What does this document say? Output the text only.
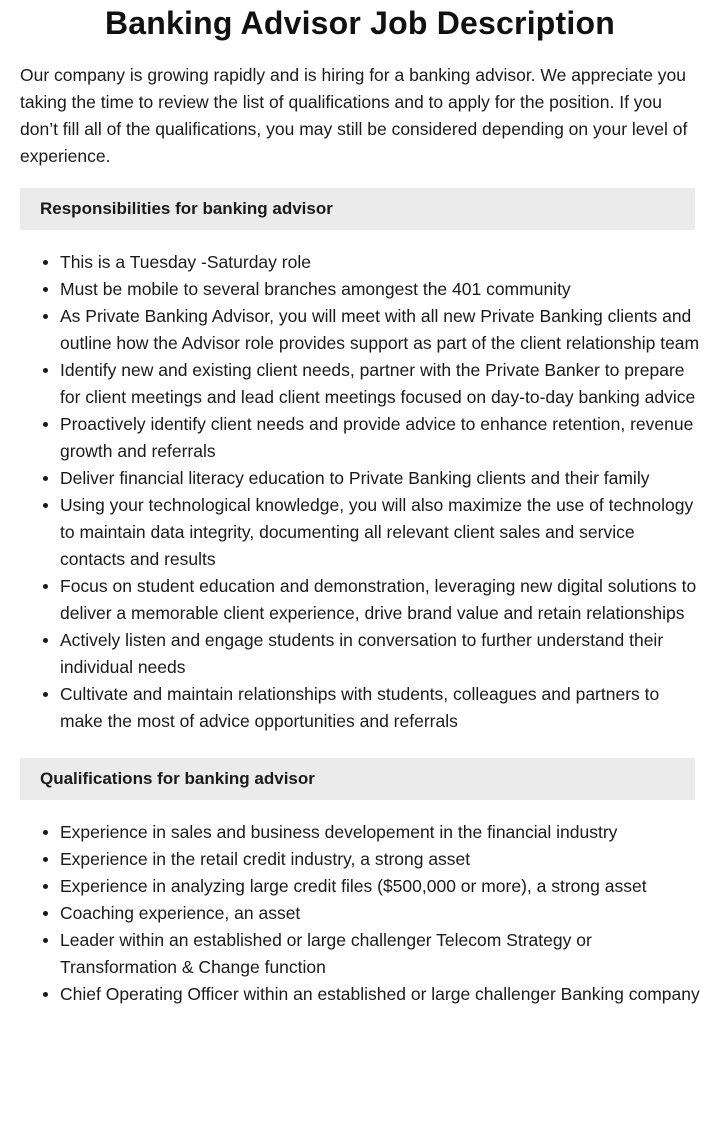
Banking Advisor Job Description

Our company is growing rapidly and is hiring for a banking advisor. We appreciate you taking the time to review the list of qualifications and to apply for the position. If you don’t fill all of the qualifications, you may still be considered depending on your level of experience.

Responsibilities for banking advisor
This is a Tuesday -Saturday role
Must be mobile to several branches amongest the 401 community
As Private Banking Advisor, you will meet with all new Private Banking clients and outline how the Advisor role provides support as part of the client relationship team
Identify new and existing client needs, partner with the Private Banker to prepare for client meetings and lead client meetings focused on day-to-day banking advice
Proactively identify client needs and provide advice to enhance retention, revenue growth and referrals
Deliver financial literacy education to Private Banking clients and their family
Using your technological knowledge, you will also maximize the use of technology to maintain data integrity, documenting all relevant client sales and service contacts and results
Focus on student education and demonstration, leveraging new digital solutions to deliver a memorable client experience, drive brand value and retain relationships
Actively listen and engage students in conversation to further understand their individual needs
Cultivate and maintain relationships with students, colleagues and partners to make the most of advice opportunities and referrals
Qualifications for banking advisor
Experience in sales and business developement in the financial industry
Experience in the retail credit industry, a strong asset
Experience in analyzing large credit files ($500,000 or more), a strong asset
Coaching experience, an asset
Leader within an established or large challenger Telecom Strategy or Transformation & Change function
Chief Operating Officer within an established or large challenger Banking company
